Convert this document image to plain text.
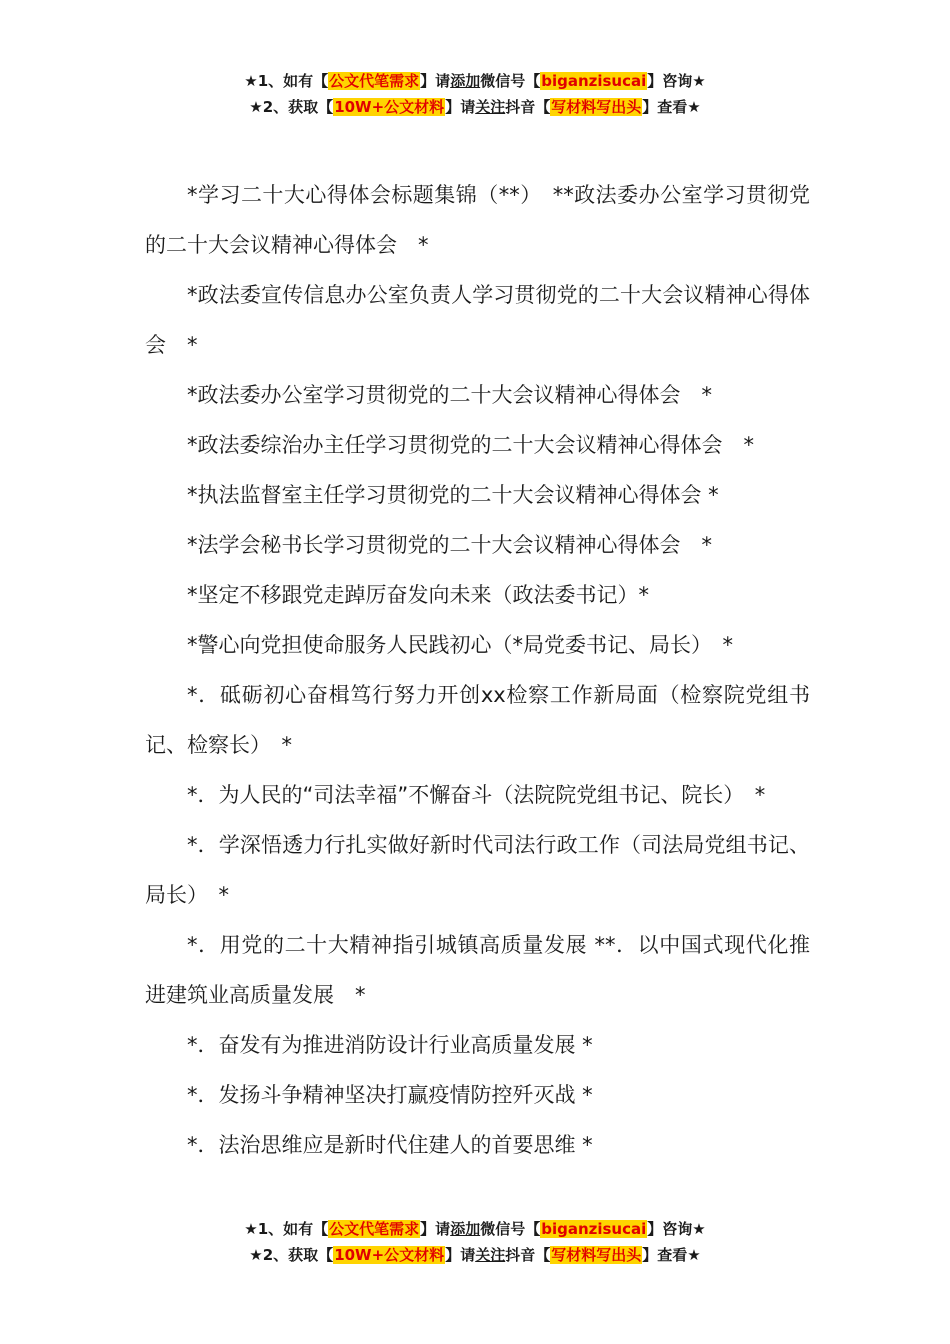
★1、如有【公文代笔需求】请添加微信号【biganzisucai】咨询★
★2、获取【10W+公文材料】请关注抖音【写材料写出头】查看★

*学习二十大心得体会标题集锦（**）　**政法委办公室学习贯彻党的二十大会议精神心得体会　*

*政法委宣传信息办公室负责人学习贯彻党的二十大会议精神心得体会　*

*政法委办公室学习贯彻党的二十大会议精神心得体会　*

*政法委综治办主任学习贯彻党的二十大会议精神心得体会　*

*执法监督室主任学习贯彻党的二十大会议精神心得体会 *

*法学会秘书长学习贯彻党的二十大会议精神心得体会　*

*坚定不移跟党走踔厉奋发向未来（政法委书记）*

*警心向党担使命服务人民践初心（*局党委书记、局长）　*

*．砥砺初心奋楫笃行努力开创xx检察工作新局面（检察院党组书记、检察长）　*

*．为人民的“司法幸福”不懈奋斗（法院院党组书记、院长）　*

*．学深悟透力行扎实做好新时代司法行政工作（司法局党组书记、局长）　*

*．用党的二十大精神指引城镇高质量发展 **．以中国式现代化推进建筑业高质量发展　*

*．奋发有为推进消防设计行业高质量发展 *

*．发扬斗争精神坚决打赢疫情防控歼灭战 *

*．法治思维应是新时代住建人的首要思维 *

★1、如有【公文代笔需求】请添加微信号【biganzisucai】咨询★
★2、获取【10W+公文材料】请关注抖音【写材料写出头】查看★
